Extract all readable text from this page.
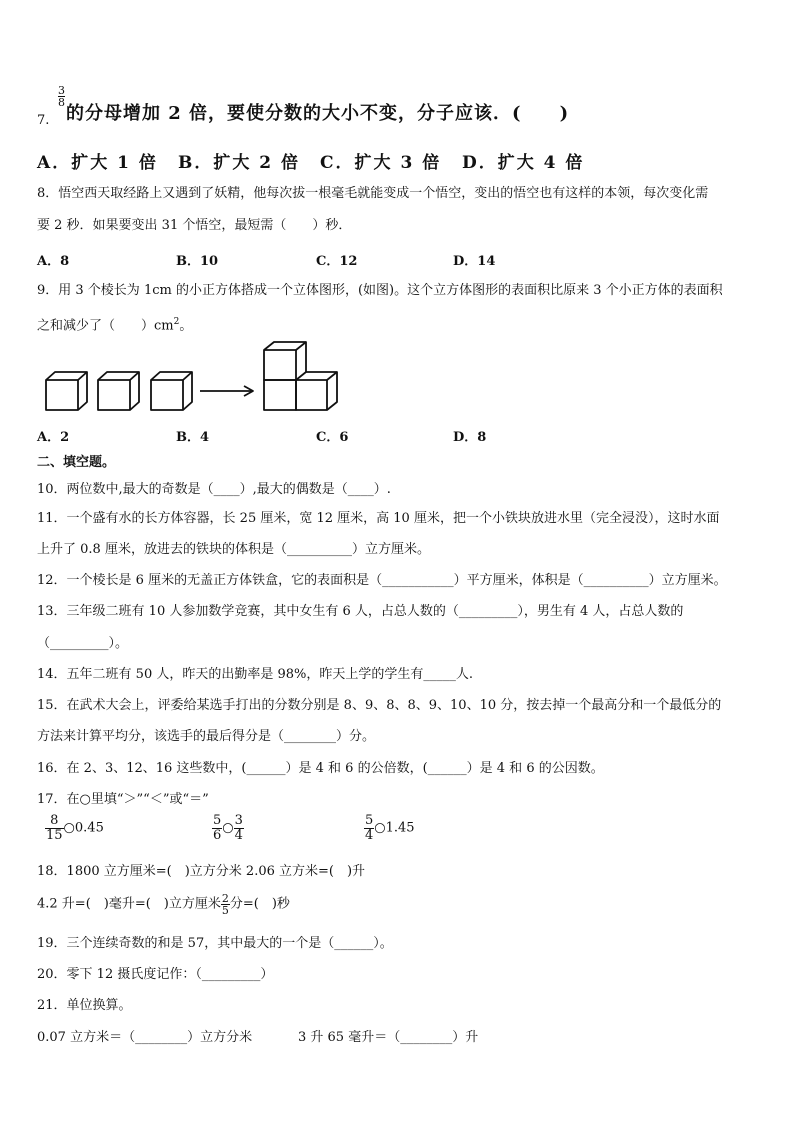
$\frac{3}{8}$
7. 的分母增加 2 倍，要使分数的大小不变，分子应该．(　　)
A．扩大 1 倍 B．扩大 2 倍 C．扩大 3 倍 D．扩大 4 倍
8．悟空西天取经路上又遇到了妖精，他每次拔一根毫毛就能变成一个悟空，变出的悟空也有这样的本领，每次变化需
要 2 秒．如果要变出 31 个悟空，最短需（　　）秒．
A．8	B．10	C．12	D．14
9．用 3 个棱长为 1cm 的小正方体搭成一个立体图形，(如图)。这个立方体图形的表面积比原来 3 个小正方体的表面积
之和减少了（　　）$cm^2$。
A．2	B．4	C．6	D．8
二、填空题。
10．两位数中,最大的奇数是（____）,最大的偶数是（____）.
11．一个盛有水的长方体容器，长 25 厘米，宽 12 厘米，高 10 厘米，把一个小铁块放进水里（完全浸没），这时水面
上升了 0.8 厘米，放进去的铁块的体积是（__________）立方厘米。
12．一个棱长是 6 厘米的无盖正方体铁盒，它的表面积是（___________）平方厘米，体积是（__________）立方厘米。
13．三年级二班有 10 人参加数学竞赛，其中女生有 6 人，占总人数的（_________），男生有 4 人，占总人数的
（_________）。
14．五年二班有 50 人，昨天的出勤率是 98%，昨天上学的学生有_____人.
15．在武术大会上，评委给某选手打出的分数分别是 8、9、8、8、9、10、10 分，按去掉一个最高分和一个最低分的
方法来计算平均分，该选手的最后得分是（________）分。
16．在 2、3、12、16 这些数中，(______）是 4 和 6 的公倍数，(______）是 4 和 6 的公因数。
17．在○里填“＞”“＜”或“＝”
$\frac{8}{15}$ ○0.45	$\frac{5}{6}$ ○ $\frac{3}{4}$	$\frac{5}{4}$ ○1.45
18．1800 立方厘米=(　)立方分米 2.06 立方米=(　)升
4.2 升=(　)毫升=(　)立方厘米 $\frac{2}{5}$ 分=(　)秒
19．三个连续奇数的和是 57，其中最大的一个是（______）。
20．零下 12 摄氏度记作：（_________）
21．单位换算。
0.07 立方米＝（________）立方分米	3 升 65 毫升＝（________）升
